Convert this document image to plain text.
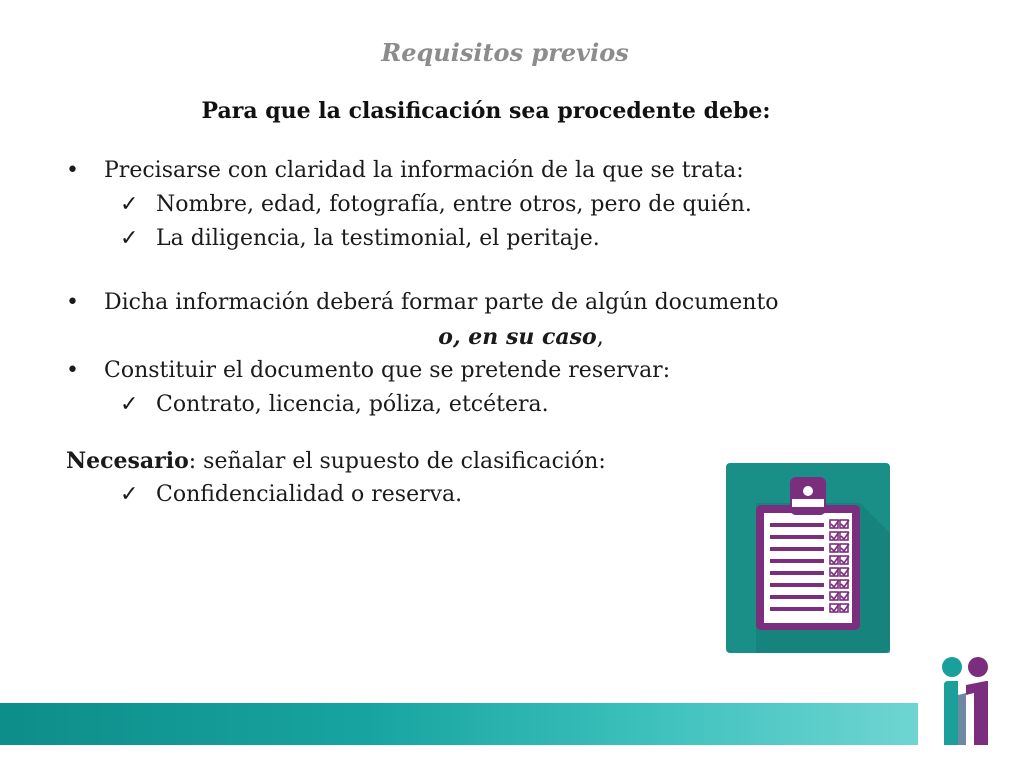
Requisitos previos
Para que la clasificación sea procedente debe:
• Precisarse con claridad la información de la que se trata:
✓ Nombre, edad, fotografía, entre otros, pero de quién.
✓ La diligencia, la testimonial, el peritaje.
• Dicha información deberá formar parte de algún documento
o, en su caso,
• Constituir el documento que se pretende reservar:
✓ Contrato, licencia, póliza, etcétera.
Necesario: señalar el supuesto de clasificación:
✓ Confidencialidad o reserva.
